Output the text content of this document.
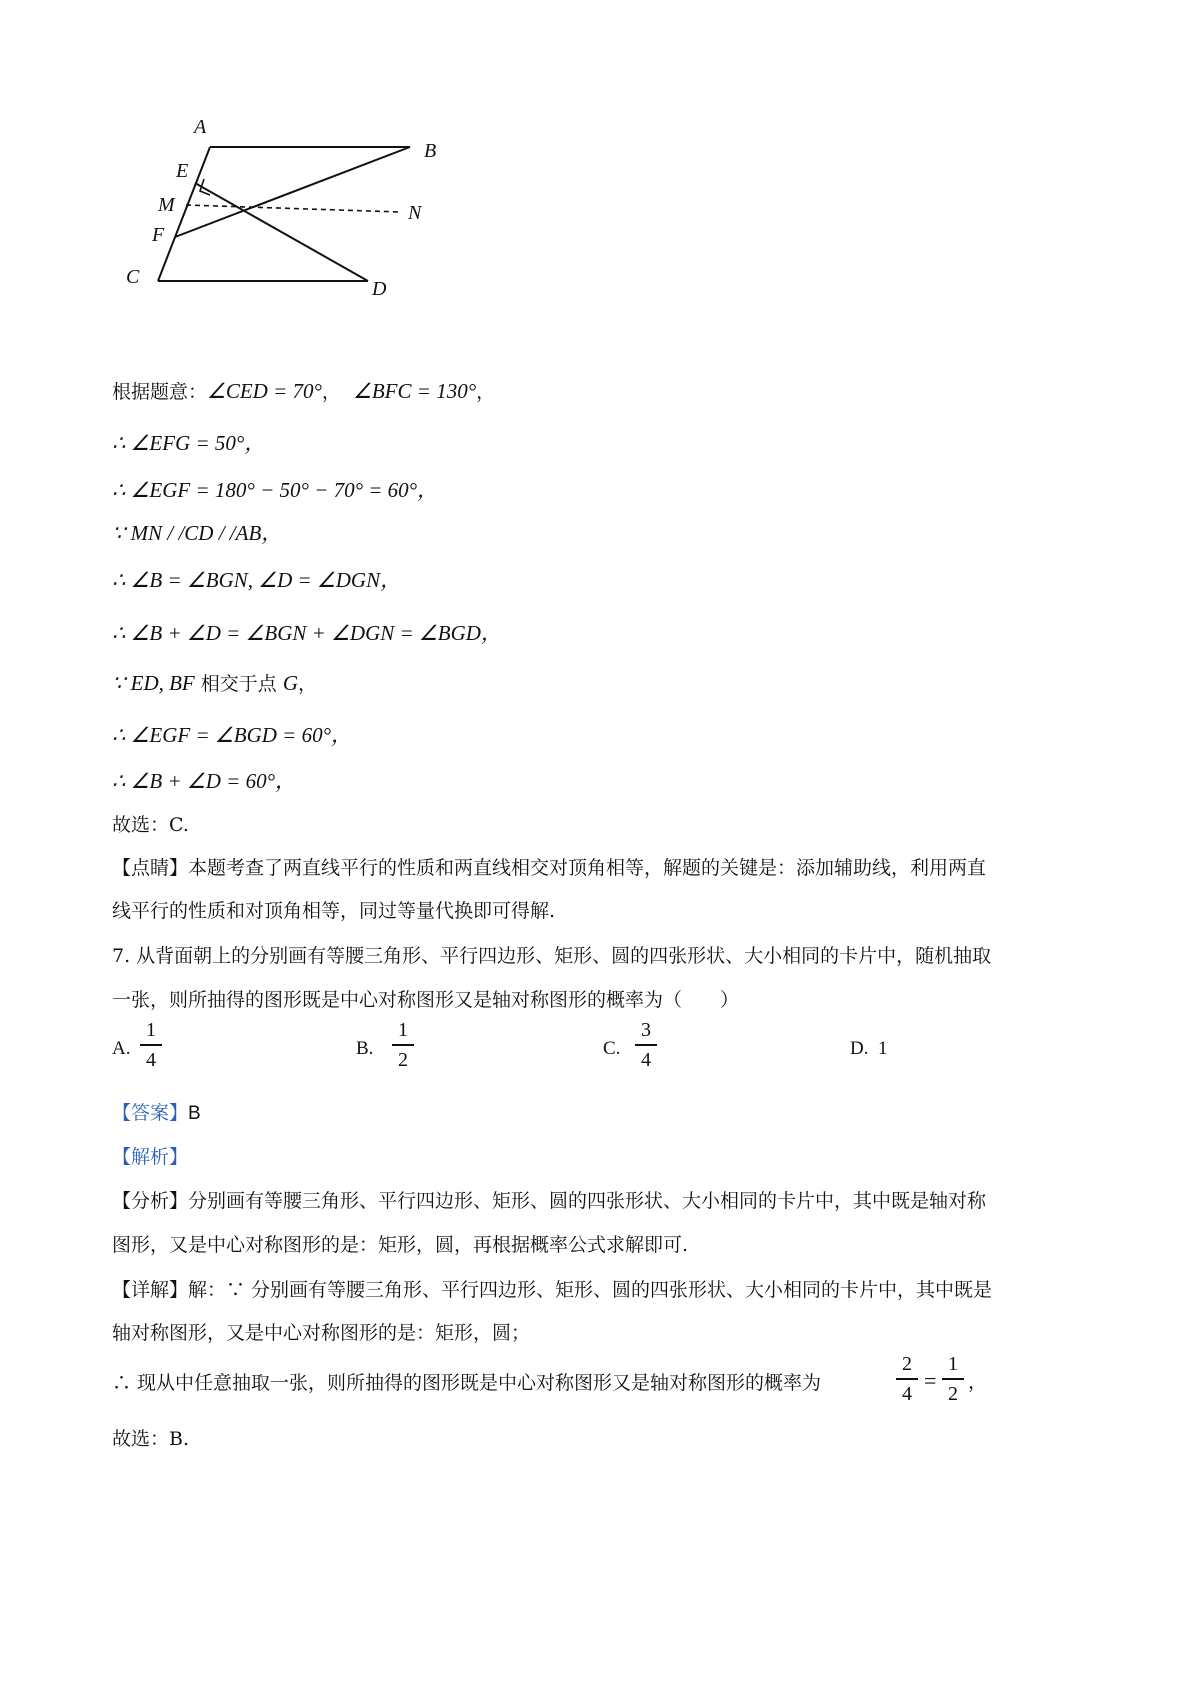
A
B
C
D
E
F
M	N
根据题意：∠CED = 70°， ∠BFC = 130°，
∴ ∠EFG = 50°，
∴ ∠EGF = 180° − 50° − 70° = 60°，
∵ MN / /CD / /AB，
∴ ∠B = ∠BGN, ∠D = ∠DGN，
∴ ∠B + ∠D = ∠BGN + ∠DGN = ∠BGD，
∵ ED, BF 相交于点 G，
∴ ∠EGF = ∠BGD = 60°，
∴ ∠B + ∠D = 60°，
故选：C.
【点睛】本题考查了两直线平行的性质和两直线相交对顶角相等，解题的关键是：添加辅助线，利用两直
线平行的性质和对顶角相等，同过等量代换即可得解.
7. 从背面朝上的分别画有等腰三角形、平行四边形、矩形、圆的四张形状、大小相同的卡片中，随机抽取
一张，则所抽得的图形既是中心对称图形又是轴对称图形的概率为（　　）
A.
1
4	B.
1
2	C.
3
4	D. 1
【答案】B
【解析】
【分析】分别画有等腰三角形、平行四边形、矩形、圆的四张形状、大小相同的卡片中，其中既是轴对称
图形，又是中心对称图形的是：矩形，圆，再根据概率公式求解即可.
【详解】解：∵ 分别画有等腰三角形、平行四边形、矩形、圆的四张形状、大小相同的卡片中，其中既是
轴对称图形，又是中心对称图形的是：矩形，圆；
∴ 现从中任意抽取一张，则所抽得的图形既是中心对称图形又是轴对称图形的概率为
2
4
=
1
2 ，
故选：B.
